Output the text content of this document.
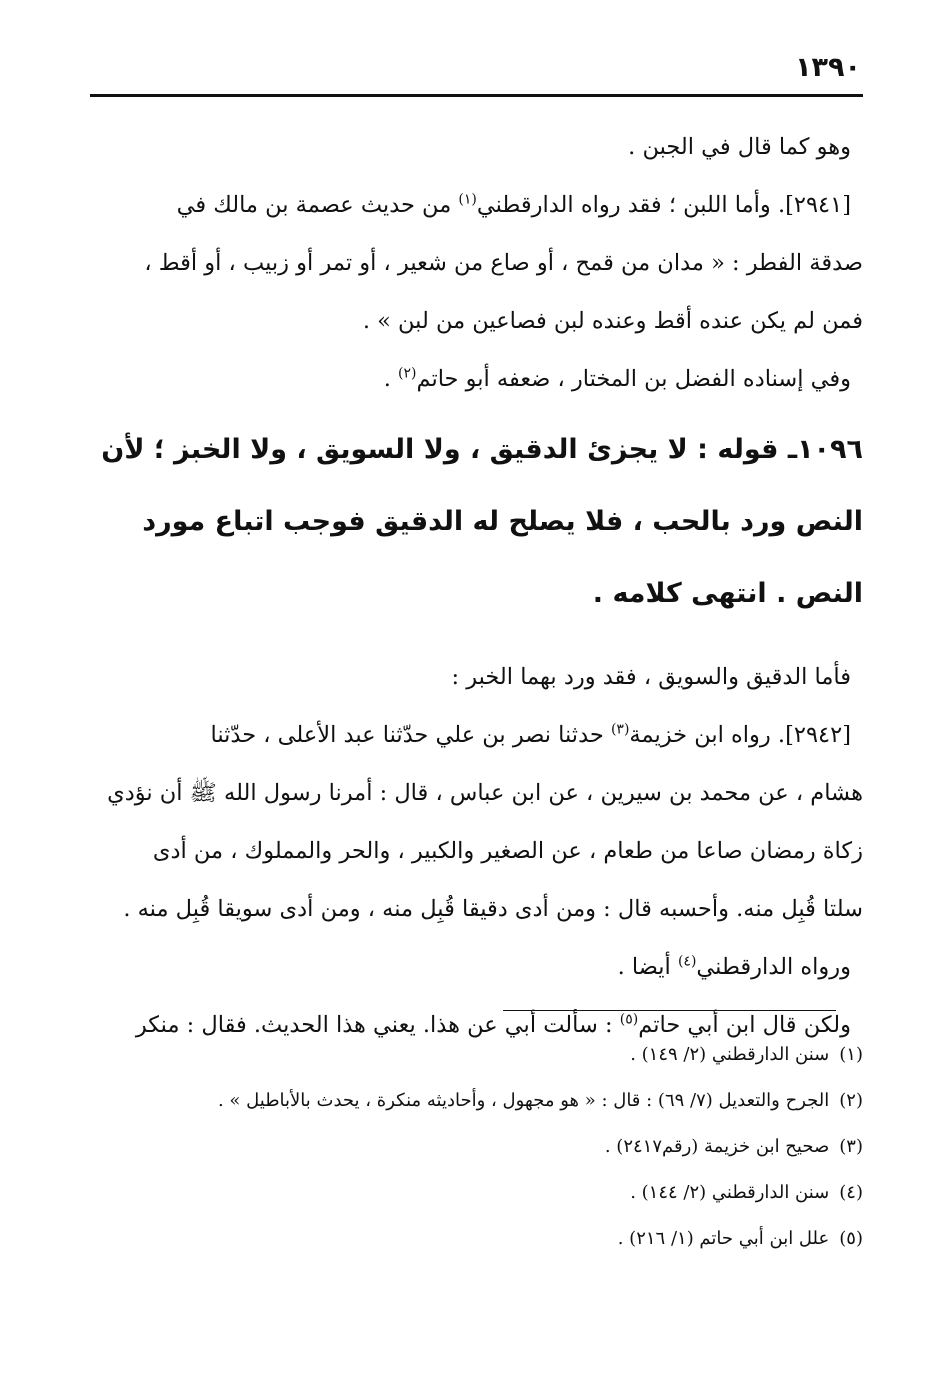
١٣٩٠
وهو كما قال في الجبن .
[٢٩٤١]. وأما اللبن ؛ فقد رواه الدارقطني$^{(١)}$ من حديث عصمة بن مالك في
صدقة الفطر : « مدان من قمح ، أو صاع من شعير ، أو تمر أو زبيب ، أو أقط ،
فمن لم يكن عنده أقط وعنده لبن فصاعين من لبن » .
وفي إسناده الفضل بن المختار ، ضعفه أبو حاتم$^{(٢)}$ .
١٠٩٦ـ قوله : لا يجزئ الدقيق ، ولا السويق ، ولا الخبز ؛ لأن
النص ورد بالحب ، فلا يصلح له الدقيق فوجب اتباع مورد
النص . انتهى كلامه .
فأما الدقيق والسويق ، فقد ورد بهما الخبر :
[٢٩٤٢]. رواه ابن خزيمة$^{(٣)}$ حدثنا نصر بن علي حدّثنا عبد الأعلى ، حدّثنا
هشام ، عن محمد بن سيرين ، عن ابن عباس ، قال : أمرنا رسول الله ﷺ أن نؤدي
زكاة رمضان صاعا من طعام ، عن الصغير والكبير ، والحر والمملوك ، من أدى
سلتا قُبِل منه. وأحسبه قال : ومن أدى دقيقا قُبِل منه ، ومن أدى سويقا قُبِل منه .
ورواه الدارقطني$^{(٤)}$ أيضا .
ولكن قال ابن أبي حاتم$^{(٥)}$ : سألت أبي عن هذا. يعني هذا الحديث. فقال : منكر
(١)سنن الدارقطني (٢/ ١٤٩) .
(٢)الجرح والتعديل (٧/ ٦٩) : قال : « هو مجهول ، وأحاديثه منكرة ، يحدث بالأباطيل » .
(٣)صحيح ابن خزيمة (رقم٢٤١٧) .
(٤)سنن الدارقطني (٢/ ١٤٤) .
(٥)علل ابن أبي حاتم (١/ ٢١٦) .
